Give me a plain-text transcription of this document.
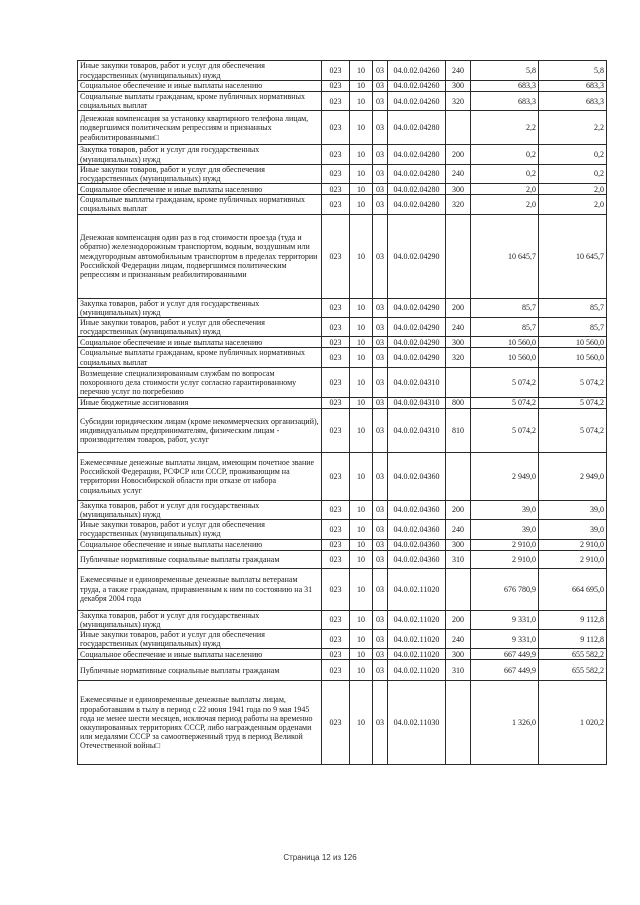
Иные закупки товаров, работ и услуг для обеспечения государственных (муниципальных) нужд	023	10	03	04.0.02.04260	240	5,8	5,8
Социальное обеспечение и иные выплаты населению	023	10	03	04.0.02.04260	300	683,3	683,3
Социальные выплаты гражданам, кроме публичных нормативных социальных выплат	023	10	03	04.0.02.04260	320	683,3	683,3
Денежная компенсация за установку квартирного телефона лицам, подвергшимся политическим репрессиям и признанных реабилитированными□	023	10	03	04.0.02.04280		2,2	2,2
Закупка товаров, работ и услуг для государственных (муниципальных) нужд	023	10	03	04.0.02.04280	200	0,2	0,2
Иные закупки товаров, работ и услуг для обеспечения государственных (муниципальных) нужд	023	10	03	04.0.02.04280	240	0,2	0,2
Социальное обеспечение и иные выплаты населению	023	10	03	04.0.02.04280	300	2,0	2,0
Социальные выплаты гражданам, кроме публичных нормативных социальных выплат	023	10	03	04.0.02.04280	320	2,0	2,0
Денежная компенсация один раз в год стоимости проезда (туда и обратно) железнодорожным транспортом, водным, воздушным или междугородным автомобильным транспортом в пределах территории Российской Федерации лицам, подвергшимся политическим репрессиям и признанным реабилитированными	023	10	03	04.0.02.04290		10 645,7	10 645,7
Закупка товаров, работ и услуг для государственных (муниципальных) нужд	023	10	03	04.0.02.04290	200	85,7	85,7
Иные закупки товаров, работ и услуг для обеспечения государственных (муниципальных) нужд	023	10	03	04.0.02.04290	240	85,7	85,7
Социальное обеспечение и иные выплаты населению	023	10	03	04.0.02.04290	300	10 560,0	10 560,0
Социальные выплаты гражданам, кроме публичных нормативных социальных выплат	023	10	03	04.0.02.04290	320	10 560,0	10 560,0
Возмещение специализированным службам по вопросам похоронного дела стоимости услуг согласно гарантированному перечню услуг по погребению	023	10	03	04.0.02.04310		5 074,2	5 074,2
Иные бюджетные ассигнования	023	10	03	04.0.02.04310	800	5 074,2	5 074,2
Субсидии юридическим лицам (кроме некоммерческих организаций), индивидуальным предпринимателям, физическим лицам - производителям товаров, работ, услуг	023	10	03	04.0.02.04310	810	5 074,2	5 074,2
Ежемесячные денежные выплаты лицам, имеющим почетное звание Российской Федерации, РСФСР или СССР, проживающим на территории Новосибирской области при отказе от набора социальных услуг	023	10	03	04.0.02.04360		2 949,0	2 949,0
Закупка товаров, работ и услуг для государственных (муниципальных) нужд	023	10	03	04.0.02.04360	200	39,0	39,0
Иные закупки товаров, работ и услуг для обеспечения государственных (муниципальных) нужд	023	10	03	04.0.02.04360	240	39,0	39,0
Социальное обеспечение и иные выплаты населению	023	10	03	04.0.02.04360	300	2 910,0	2 910,0
Публичные нормативные социальные выплаты гражданам	023	10	03	04.0.02.04360	310	2 910,0	2 910,0
Ежемесячные и единовременные денежные выплаты ветеранам труда, а также гражданам, приравненным к ним по состоянию на 31 декабря 2004 года	023	10	03	04.0.02.11020		676 780,9	664 695,0
Закупка товаров, работ и услуг для государственных (муниципальных) нужд	023	10	03	04.0.02.11020	200	9 331,0	9 112,8
Иные закупки товаров, работ и услуг для обеспечения государственных (муниципальных) нужд	023	10	03	04.0.02.11020	240	9 331,0	9 112,8
Социальное обеспечение и иные выплаты населению	023	10	03	04.0.02.11020	300	667 449,9	655 582,2
Публичные нормативные социальные выплаты гражданам	023	10	03	04.0.02.11020	310	667 449,9	655 582,2
Ежемесячные и единовременные денежные выплаты лицам, проработавшим в тылу в период с 22 июня 1941 года по 9 мая 1945 года не менее шести месяцев, исключая период работы на временно оккупированных территориях СССР, либо награжденным орденами или медалями СССР за самоотверженный труд в период Великой Отечественной войны□	023	10	03	04.0.02.11030		1 326,0	1 020,2
Страница 12 из 126
